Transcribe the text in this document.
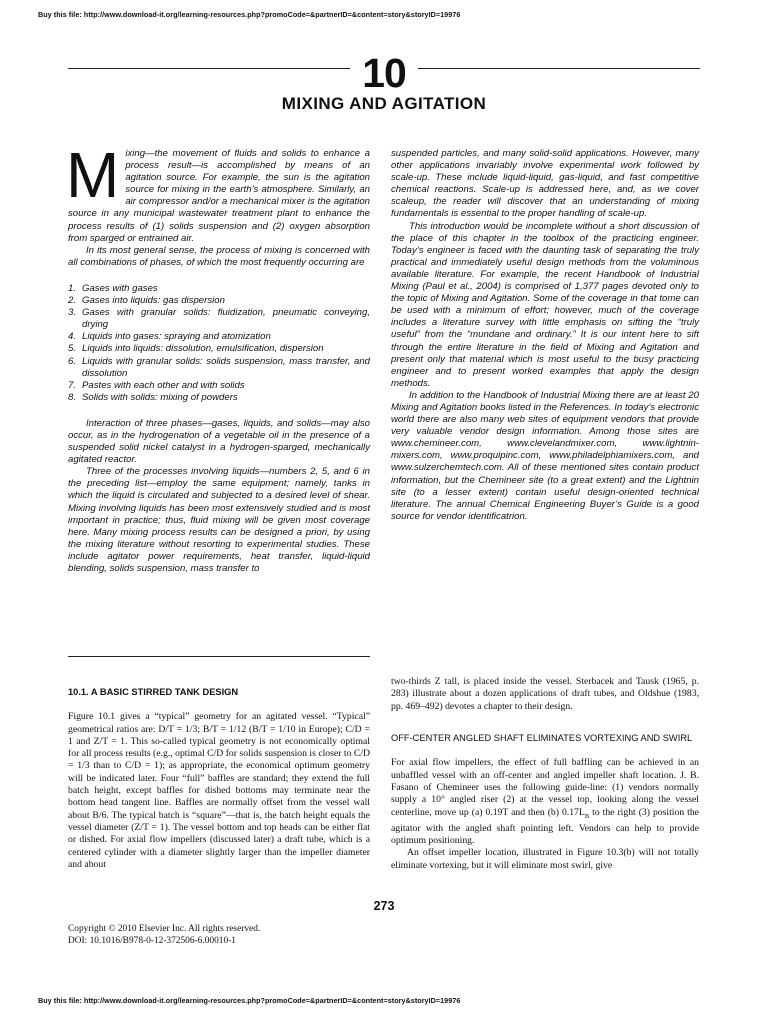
Buy this file: http://www.download-it.org/learning-resources.php?promoCode=&partnerID=&content=story&storyID=19976
10
MIXING AND AGITATION

Mixing—the movement of fluids and solids to enhance a process result—is accomplished by means of an agitation source. For example, the sun is the agitation source for mixing in the earth’s atmosphere. Similarly, an air compressor and/or a mechanical mixer is the agitation source in any municipal wastewater treatment plant to enhance the process results of (1) solids suspension and (2) oxygen absorption from sparged or entrained air.

In its most general sense, the process of mixing is concerned with all combinations of phases, of which the most frequently occurring are

1. Gases with gases
2. Gases into liquids: gas dispersion
3. Gases with granular solids: fluidization, pneumatic conveying, drying
4. Liquids into gases: spraying and atomization
5. Liquids into liquids: dissolution, emulsification, dispersion
6. Liquids with granular solids: solids suspension, mass transfer, and dissolution
7. Pastes with each other and with solids
8. Solids with solids: mixing of powders

Interaction of three phases—gases, liquids, and solids—may also occur, as in the hydrogenation of a vegetable oil in the presence of a suspended solid nickel catalyst in a hydrogen-sparged, mechanically agitated reactor.

Three of the processes involving liquids—numbers 2, 5, and 6 in the preceding list—employ the same equipment; namely, tanks in which the liquid is circulated and subjected to a desired level of shear. Mixing involving liquids has been most extensively studied and is most important in practice; thus, fluid mixing will be given most coverage here. Many mixing process results can be designed a priori, by using the mixing literature without resorting to experimental studies. These include agitator power requirements, heat transfer, liquid-liquid blending, solids suspension, mass transfer to

suspended particles, and many solid-solid applications. However, many other applications invariably involve experimental work followed by scale-up. These include liquid-liquid, gas-liquid, and fast competitive chemical reactions. Scale-up is addressed here, and, as we cover scaleup, the reader will discover that an understanding of mixing fundamentals is essential to the proper handling of scale-up.

This introduction would be incomplete without a short discussion of the place of this chapter in the toolbox of the practicing engineer. Today’s engineer is faced with the daunting task of separating the truly practical and immediately useful design methods from the voluminous available literature. For example, the recent Handbook of Industrial Mixing (Paul et al., 2004) is comprised of 1,377 pages devoted only to the topic of Mixing and Agitation. Some of the coverage in that tome can be used with a minimum of effort; however, much of the coverage includes a literature survey with little emphasis on sifting the “truly useful” from the “mundane and ordinary.” It is our intent here to sift through the entire literature in the field of Mixing and Agitation and present only that material which is most useful to the busy practicing engineer and to present worked examples that apply the design methods.

In addition to the Handbook of Industrial Mixing there are at least 20 Mixing and Agitation books listed in the References. In today’s electronic world there are also many web sites of equipment vendors that provide very valuable vendor design information. Among those sites are www.chemineer.com, www.clevelandmixer.com, www.lightnin-mixers.com, www.proquipinc.com, www.philadelphiamixers.com, and www.sulzerchemtech.com. All of these mentioned sites contain product information, but the Chemineer site (to a great extent) and the Lightnin site (to a lesser extent) contain useful design-oriented technical literature. The annual Chemical Engineering Buyer’s Guide is a good source for vendor identificatrion.

10.1. A BASIC STIRRED TANK DESIGN

Figure 10.1 gives a “typical” geometry for an agitated vessel. “Typical” geometrical ratios are: D/T = 1/3; B/T = 1/12 (B/T = 1/10 in Europe); C/D = 1 and Z/T = 1. This so-called typical geometry is not economically optimal for all process results (e.g., optimal C/D for solids suspension is closer to C/D = 1/3 than to C/D = 1); as appropriate, the economical optimum geometry will be indicated later. Four “full” baffles are standard; they extend the full batch height, except baffles for dished bottoms may terminate near the bottom head tangent line. Baffles are normally offset from the vessel wall about B/6. The typical batch is “square”—that is, the batch height equals the vessel diameter (Z/T = 1). The vessel bottom and top heads can be either flat or dished. For axial flow impellers (discussed later) a draft tube, which is a centered cylinder with a diameter slightly larger than the impeller diameter and about

two-thirds Z tall, is placed inside the vessel. Sterbacek and Tausk (1965, p. 283) illustrate about a dozen applications of draft tubes, and Oldshue (1983, pp. 469–492) devotes a chapter to their design.

OFF-CENTER ANGLED SHAFT ELIMINATES VORTEXING AND SWIRL

For axial flow impellers, the effect of full baffling can be achieved in an unbaffled vessel with an off-center and angled impeller shaft location. J. B. Fasano of Chemineer uses the following guide-line: (1) vendors normally supply a 10° angled riser (2) at the vessel top, looking along the vessel centerline, move up (a) 0.19T and then (b) $0.17L_B$ to the right (3) position the agitator with the angled shaft pointing left. Vendors can help to provide optimum positioning.

An offset impeller location, illustrated in Figure 10.3(b) will not totally eliminate vortexing, but it will eliminate most swirl, give

273
Copyright © 2010 Elsevier Inc. All rights reserved.
DOI: 10.1016/B978-0-12-372506-6.00010-1
Buy this file: http://www.download-it.org/learning-resources.php?promoCode=&partnerID=&content=story&storyID=19976
